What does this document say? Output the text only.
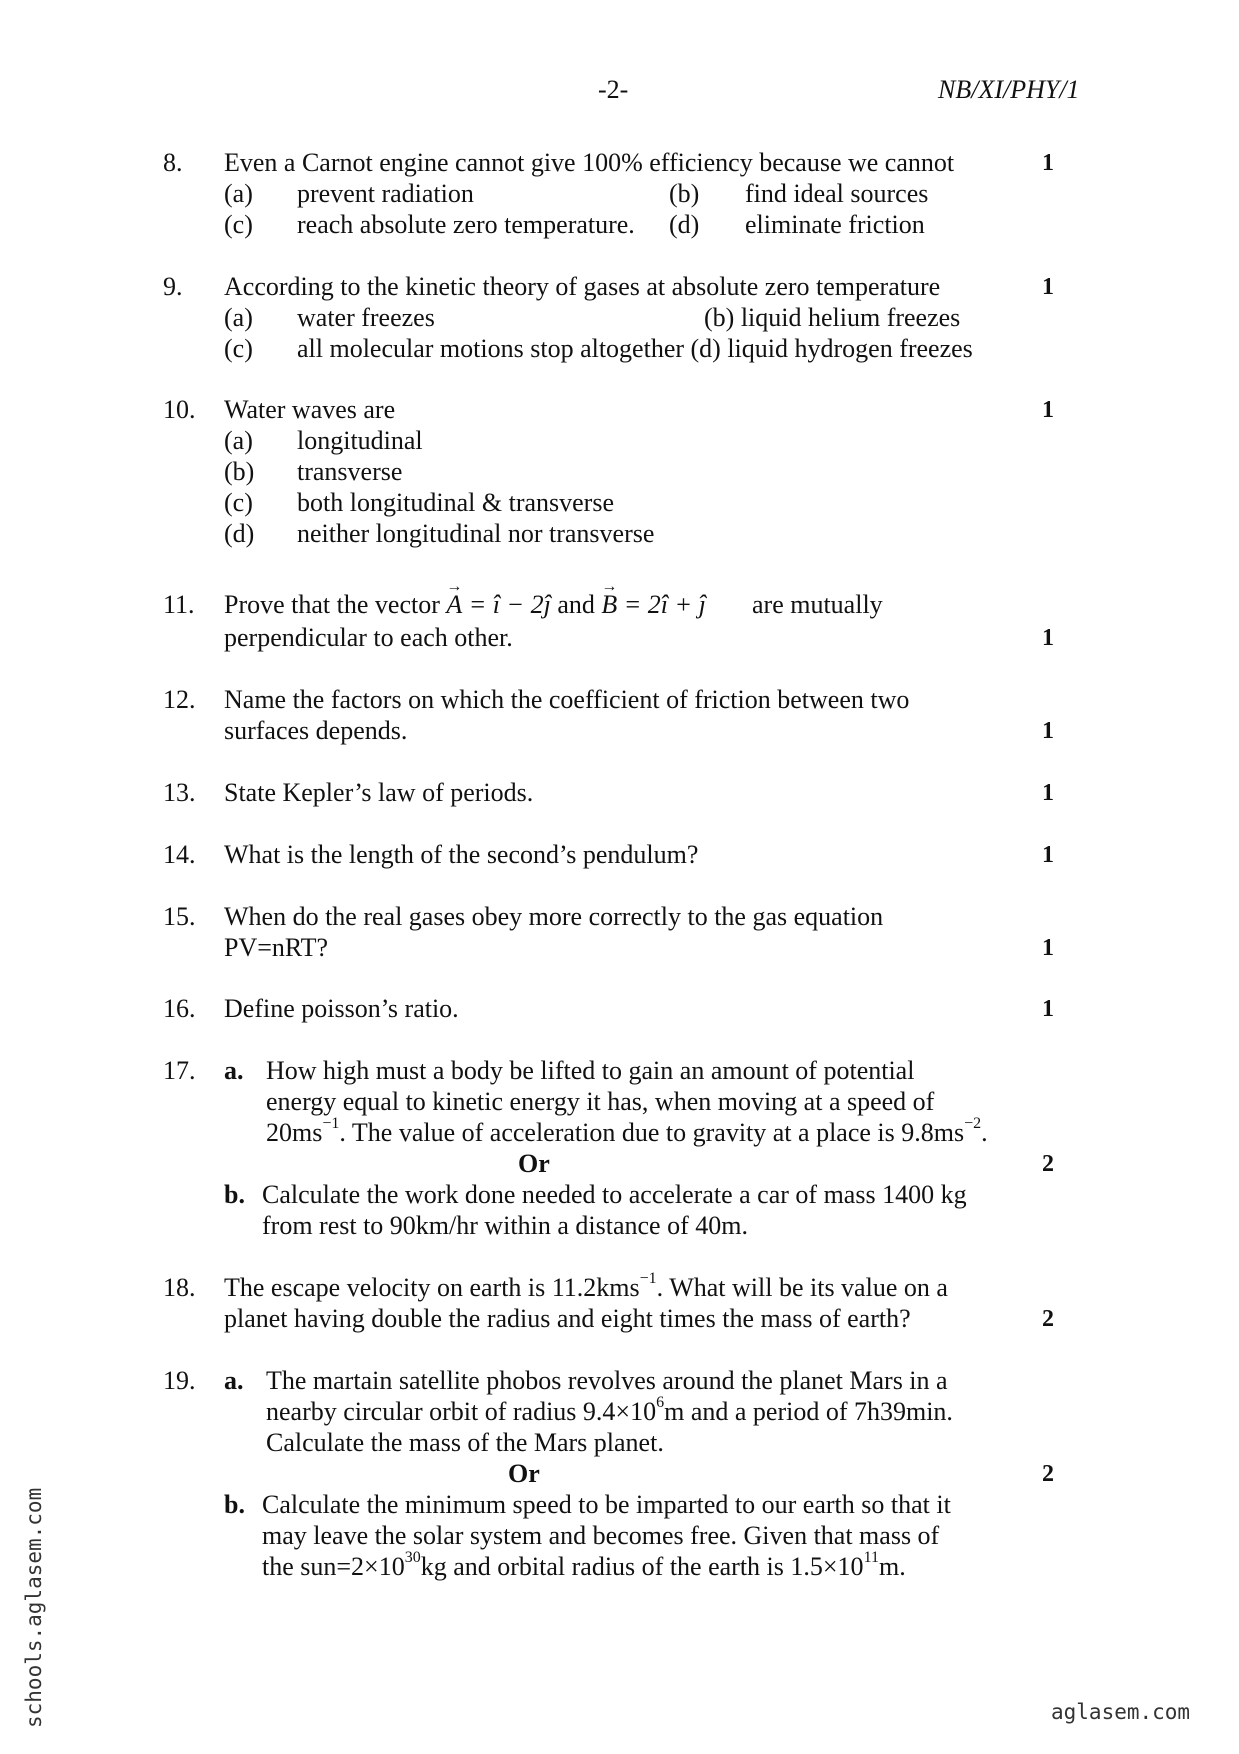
-2-	NB/XI/PHY/1
8. Even a Carnot engine cannot give 100% efficiency because we cannot	1
(a) prevent radiation	(b) find ideal sources
(c) reach absolute zero temperature. (d) eliminate friction
9. According to the kinetic theory of gases at absolute zero temperature	1
(a) water freezes	(b) liquid helium freezes
(c) all molecular motions stop altogether (d) liquid hydrogen freezes
10. Water waves are	1
(a) longitudinal
(b) transverse
(c) both longitudinal & transverse
(d) neither longitudinal nor transverse
11. Prove that the vector → A = î − 2ĵ and → B = 2î + ĵ are mutually
perpendicular to each other.	1
12. Name the factors on which the coefficient of friction between two
surfaces depends.	1
13. State Kepler’s law of periods.	1
14. What is the length of the second’s pendulum?	1
15. When do the real gases obey more correctly to the gas equation
PV=nRT?	1
16. Define poisson’s ratio.	1
17. a. How high must a body be lifted to gain an amount of potential
energy equal to kinetic energy it has, when moving at a speed of
$20ms^{-1}$. The value of acceleration due to gravity at a place is $9.8ms^{-2}$.
Or	2
b. Calculate the work done needed to accelerate a car of mass 1400 kg
from rest to 90km/hr within a distance of 40m.
18. The escape velocity on earth is 11.2kms$^{-1}$. What will be its value on a
planet having double the radius and eight times the mass of earth?	2
19. a. The martain satellite phobos revolves around the planet Mars in a
nearby circular orbit of radius $9.4\times 10^6m$ and a period of 7h39min.
Calculate the mass of the Mars planet.
Or	2
b. Calculate the minimum speed to be imparted to our earth so that it
may leave the solar system and becomes free. Given that mass of
the $sun=2\times 10^{30}kg$ and orbital radius of the earth is $1.5\times 10^{11}m$.
schools.aglasem.com	aglasem.com
